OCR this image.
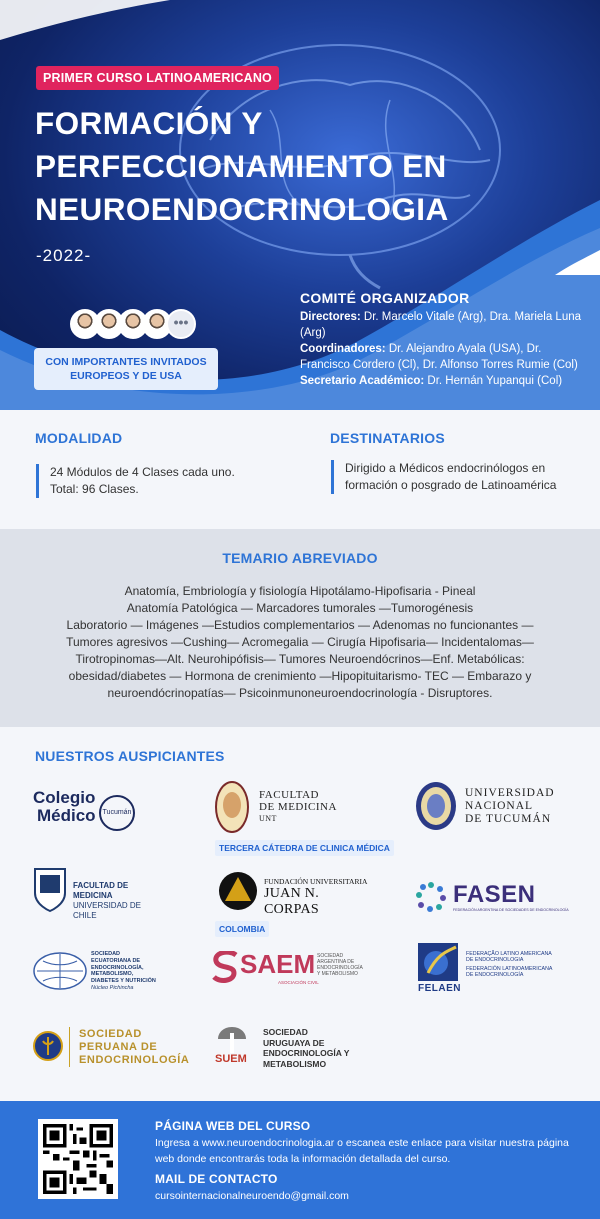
PRIMER CURSO LATINOAMERICANO
FORMACIÓN Y
PERFECCIONAMIENTO EN
NEUROENDOCRINOLOGIA
-2022-
•••
CON IMPORTANTES INVITADOS
EUROPEOS Y DE USA
COMITÉ ORGANIZADOR
Directores: Dr. Marcelo Vitale (Arg), Dra. Mariela Luna (Arg)
Coordinadores: Dr. Alejandro Ayala (USA), Dr. Francisco Cordero (Cl), Dr. Alfonso Torres Rumie (Col)
Secretario Académico: Dr. Hernán Yupanqui (Col)
MODALIDAD
24 Módulos de 4 Clases cada uno. Total: 96 Clases.
DESTINATARIOS
Dirigido a Médicos endocrinólogos en formación o posgrado de Latinoamérica
TEMARIO ABREVIADO

Anatomía, Embriología y fisiología Hipotálamo-Hipofisaria - Pineal
Anatomía Patológica — Marcadores tumorales —Tumorogénesis
Laboratorio — Imágenes —Estudios complementarios — Adenomas no funcionantes —
Tumores agresivos —Cushing— Acromegalia — Cirugía Hipofisaria— Incidentalomas—
Tirotropinomas—Alt. Neurohipófisis— Tumores Neuroendócrinos—Enf. Metabólicas:
obesidad/diabetes — Hormona de crenimiento —Hipopituitarismo- TEC — Embarazo y
neuroendócrinopatías— Psicoinmunoneuroendocrinología - Disruptores.

NUESTROS AUSPICIANTES
Colegio
Médico Tucumán
FACULTAD
DE MEDICINA
UNT
TERCERA CÁTEDRA DE CLINICA MÉDICA
UNIVERSIDAD
NACIONAL
DE TUCUMÁN
FACULTAD DE MEDICINA
UNIVERSIDAD DE CHILE
FUNDACIÓN UNIVERSITARIA
JUAN N. CORPAS
COLOMBIA
FASEN
FEDERACIÓN ARGENTINA DE SOCIEDADES DE ENDOCRINOLOGÍA
SOCIEDAD
ECUATORIANA DE
ENDOCRINOLOGÍA,
METABOLISMO,
DIABETES Y NUTRICIÓN
Núcleo Pichincha
SAEM SOCIEDAD
ARGENTINA DE
ENDOCRINOLOGÍA
Y METABOLISMO
ASOCIACIÓN CIVIL
FELAEN
FEDERAÇÃO LATINO AMERICANA
DE ENDOCRINOLOGIA
FEDERACIÓN LATINOAMERICANA
DE ENDOCRINOLOGÍA
SOCIEDAD
PERUANA DE
ENDOCRINOLOGÍA SUEM
SOCIEDAD
URUGUAYA DE
ENDOCRINOLOGÍA Y
METABOLISMO
PÁGINA WEB DEL CURSO
Ingresa a www.neuroendocrinologia.ar o escanea este enlace para visitar nuestra página web donde encontrarás toda la información detallada del curso.
MAIL DE CONTACTO
cursointernacionalneuroendo@gmail.com
